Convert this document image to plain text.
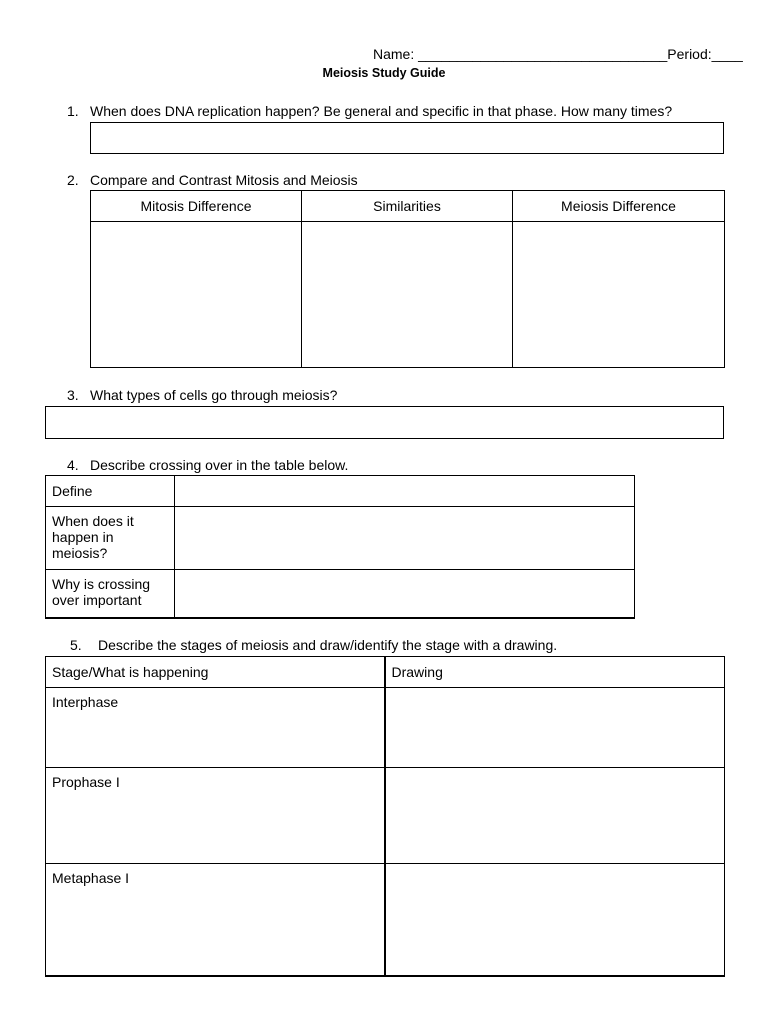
Name: ________________________________Period:____
Meiosis Study Guide
1. When does DNA replication happen? Be general and specific in that phase. How many times?
2. Compare and Contrast Mitosis and Meiosis
Mitosis Difference	Similarities	Meiosis Difference

3. What types of cells go through meiosis?
4. Describe crossing over in the table below.
Define	
When does it happen in meiosis?	
Why is crossing over important	
5. Describe the stages of meiosis and draw/identify the stage with a drawing.
Stage/What is happening	Drawing
Interphase	
Prophase I	
Metaphase I	
